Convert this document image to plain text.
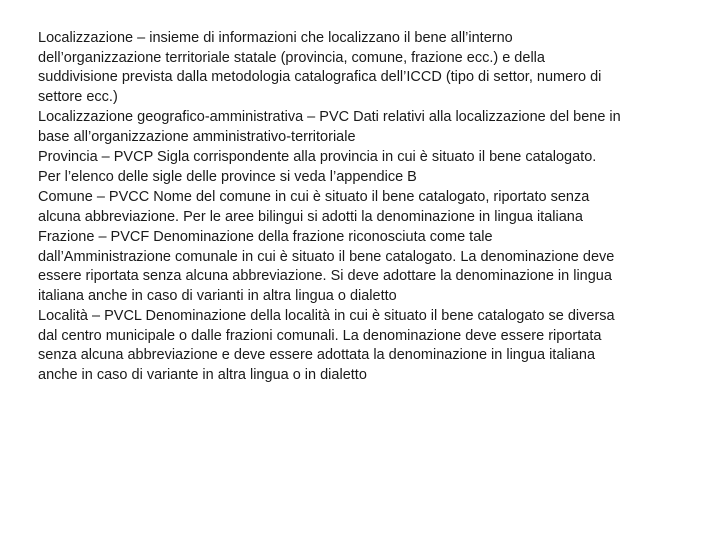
Localizzazione – insieme di informazioni che localizzano il bene all’interno
dell’organizzazione territoriale statale (provincia, comune, frazione ecc.) e della
suddivisione prevista dalla metodologia catalografica dell’ICCD (tipo di settor, numero di
settore ecc.)

Localizzazione geografico-amministrativa – PVC Dati relativi alla localizzazione del bene in
base all’organizzazione amministrativo-territoriale

Provincia – PVCP Sigla corrispondente alla provincia in cui è situato il bene catalogato.
Per l’elenco delle sigle delle province si veda l’appendice B

Comune – PVCC Nome del comune in cui è situato il bene catalogato, riportato senza
alcuna abbreviazione. Per le aree bilingui si adotti la denominazione in lingua italiana

Frazione – PVCF Denominazione della frazione riconosciuta come tale
dall’Amministrazione comunale in cui è situato il bene catalogato. La denominazione deve
essere riportata senza alcuna abbreviazione. Si deve adottare la denominazione in lingua
italiana anche in caso di varianti in altra lingua o dialetto

Località – PVCL Denominazione della località in cui è situato il bene catalogato se diversa
dal centro municipale o dalle frazioni comunali. La denominazione deve essere riportata
senza alcuna abbreviazione e deve essere adottata la denominazione in lingua italiana
anche in caso di variante in altra lingua o in dialetto
